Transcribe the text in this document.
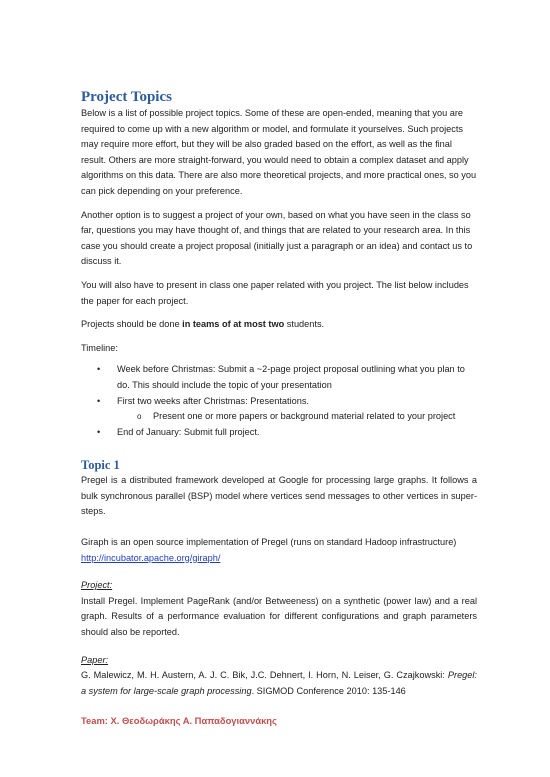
Project Topics

Below is a list of possible project topics. Some of these are open-ended, meaning that you are required to come up with a new algorithm or model, and formulate it yourselves. Such projects may require more effort, but they will be also graded based on the effort, as well as the final result. Others are more straight-forward, you would need to obtain a complex dataset and apply algorithms on this data. There are also more theoretical projects, and more practical ones, so you can pick depending on your preference.

Another option is to suggest a project of your own, based on what you have seen in the class so far, questions you may have thought of, and things that are related to your research area. In this case you should create a project proposal (initially just a paragraph or an idea) and contact us to discuss it.

You will also have to present in class one paper related with you project. The list below includes the paper for each project.

Projects should be done in teams of at most two students.

Timeline:

• Week before Christmas: Submit a ~2-page project proposal outlining what you plan to do. This should include the topic of your presentation
• First two weeks after Christmas: Presentations.
o Present one or more papers or background material related to your project
• End of January: Submit full project.
Topic 1

Pregel is a distributed framework developed at Google for processing large graphs. It follows a bulk synchronous parallel (BSP) model where vertices send messages to other vertices in super-steps.

Giraph is an open source implementation of Pregel (runs on standard Hadoop infrastructure)

http://incubator.apache.org/giraph/

Project:

Install Pregel. Implement PageRank (and/or Betweeness) on a synthetic (power law) and a real graph. Results of a performance evaluation for different configurations and graph parameters should also be reported.

Paper:

G. Malewicz, M. H. Austern, A. J. C. Bik, J.C. Dehnert, I. Horn, N. Leiser, G. Czajkowski: Pregel: a system for large-scale graph processing. SIGMOD Conference 2010: 135-146

Team: Χ. Θεοδωράκης Α. Παπαδογιαννάκης
